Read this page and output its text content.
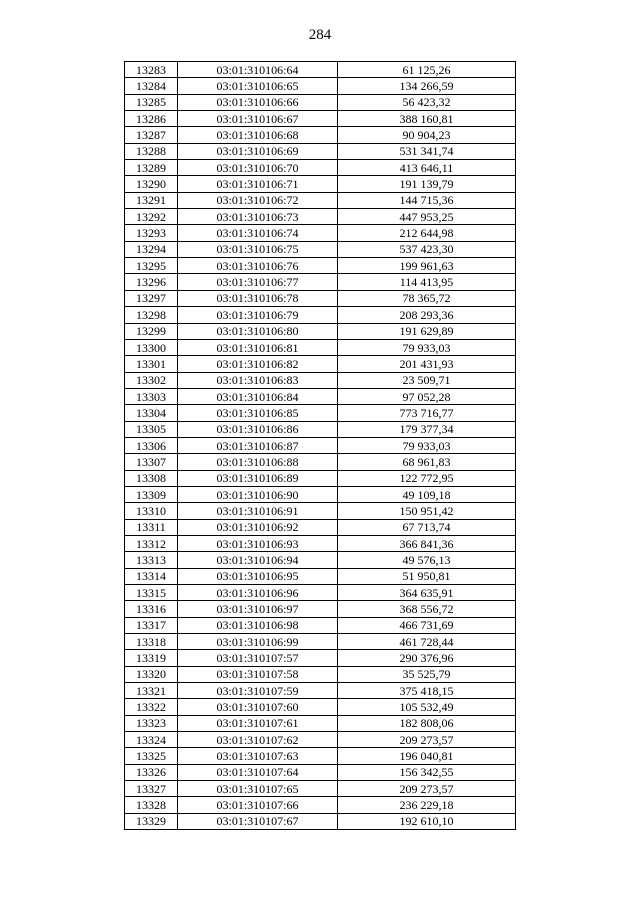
284
13283	03:01:310106:64	61 125,26
13284	03:01:310106:65	134 266,59
13285	03:01:310106:66	56 423,32
13286	03:01:310106:67	388 160,81
13287	03:01:310106:68	90 904,23
13288	03:01:310106:69	531 341,74
13289	03:01:310106:70	413 646,11
13290	03:01:310106:71	191 139,79
13291	03:01:310106:72	144 715,36
13292	03:01:310106:73	447 953,25
13293	03:01:310106:74	212 644,98
13294	03:01:310106:75	537 423,30
13295	03:01:310106:76	199 961,63
13296	03:01:310106:77	114 413,95
13297	03:01:310106:78	78 365,72
13298	03:01:310106:79	208 293,36
13299	03:01:310106:80	191 629,89
13300	03:01:310106:81	79 933,03
13301	03:01:310106:82	201 431,93
13302	03:01:310106:83	23 509,71
13303	03:01:310106:84	97 052,28
13304	03:01:310106:85	773 716,77
13305	03:01:310106:86	179 377,34
13306	03:01:310106:87	79 933,03
13307	03:01:310106:88	68 961,83
13308	03:01:310106:89	122 772,95
13309	03:01:310106:90	49 109,18
13310	03:01:310106:91	150 951,42
13311	03:01:310106:92	67 713,74
13312	03:01:310106:93	366 841,36
13313	03:01:310106:94	49 576,13
13314	03:01:310106:95	51 950,81
13315	03:01:310106:96	364 635,91
13316	03:01:310106:97	368 556,72
13317	03:01:310106:98	466 731,69
13318	03:01:310106:99	461 728,44
13319	03:01:310107:57	290 376,96
13320	03:01:310107:58	35 525,79
13321	03:01:310107:59	375 418,15
13322	03:01:310107:60	105 532,49
13323	03:01:310107:61	182 808,06
13324	03:01:310107:62	209 273,57
13325	03:01:310107:63	196 040,81
13326	03:01:310107:64	156 342,55
13327	03:01:310107:65	209 273,57
13328	03:01:310107:66	236 229,18
13329	03:01:310107:67	192 610,10
